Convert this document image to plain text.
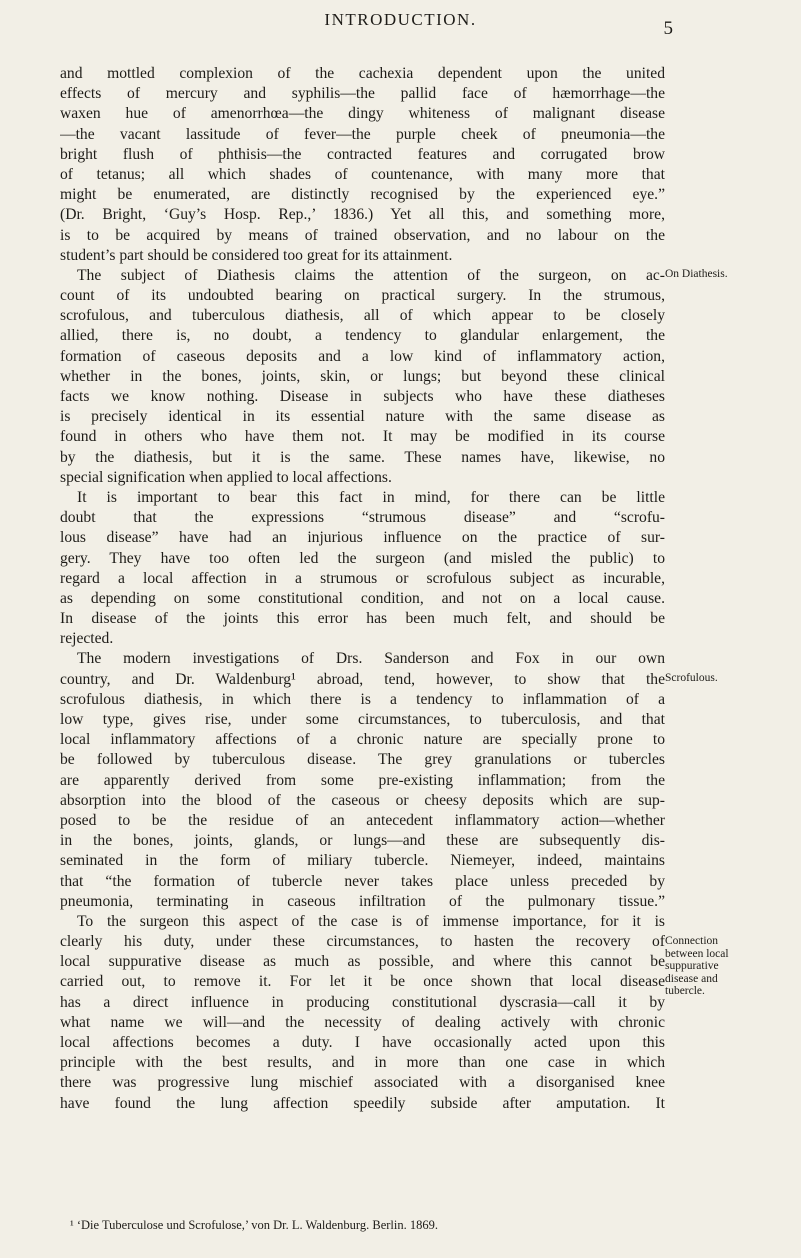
INTRODUCTION.	5
and mottled complexion of the cachexia dependent upon the united
effects of mercury and syphilis—the pallid face of hæmorrhage—the
waxen hue of amenorrhœa—the dingy whiteness of malignant disease
—the vacant lassitude of fever—the purple cheek of pneumonia—the
bright flush of phthisis—the contracted features and corrugated brow
of tetanus; all which shades of countenance, with many more that
might be enumerated, are distinctly recognised by the experienced eye.”
(Dr. Bright, ‘Guy’s Hosp. Rep.,’ 1836.) Yet all this, and something more,
is to be acquired by means of trained observation, and no labour on the
student’s part should be considered too great for its attainment.
The subject of Diathesis claims the attention of the surgeon, on ac-
count of its undoubted bearing on practical surgery. In the strumous,
scrofulous, and tuberculous diathesis, all of which appear to be closely
allied, there is, no doubt, a tendency to glandular enlargement, the
formation of caseous deposits and a low kind of inflammatory action,
whether in the bones, joints, skin, or lungs; but beyond these clinical
facts we know nothing. Disease in subjects who have these diatheses
is precisely identical in its essential nature with the same disease as
found in others who have them not. It may be modified in its course
by the diathesis, but it is the same. These names have, likewise, no
special signification when applied to local affections.
It is important to bear this fact in mind, for there can be little
doubt that the expressions “strumous disease” and “scrofu-
lous disease” have had an injurious influence on the practice of sur-
gery. They have too often led the surgeon (and misled the public) to
regard a local affection in a strumous or scrofulous subject as incurable,
as depending on some constitutional condition, and not on a local cause.
In disease of the joints this error has been much felt, and should be
rejected.
The modern investigations of Drs. Sanderson and Fox in our own
country, and Dr. Waldenburg¹ abroad, tend, however, to show that the
scrofulous diathesis, in which there is a tendency to inflammation of a
low type, gives rise, under some circumstances, to tuberculosis, and that
local inflammatory affections of a chronic nature are specially prone to
be followed by tuberculous disease. The grey granulations or tubercles
are apparently derived from some pre-existing inflammation; from the
absorption into the blood of the caseous or cheesy deposits which are sup-
posed to be the residue of an antecedent inflammatory action—whether
in the bones, joints, glands, or lungs—and these are subsequently dis-
seminated in the form of miliary tubercle. Niemeyer, indeed, maintains
that “the formation of tubercle never takes place unless preceded by
pneumonia, terminating in caseous infiltration of the pulmonary tissue.”
To the surgeon this aspect of the case is of immense importance, for it is
clearly his duty, under these circumstances, to hasten the recovery of
local suppurative disease as much as possible, and where this cannot be
carried out, to remove it. For let it be once shown that local disease
has a direct influence in producing constitutional dyscrasia—call it by
what name we will—and the necessity of dealing actively with chronic
local affections becomes a duty. I have occasionally acted upon this
principle with the best results, and in more than one case in which
there was progressive lung mischief associated with a disorganised knee
have found the lung affection speedily subside after amputation. It
On Diathesis.
Scrofulous.
Connection
between local
suppurative
disease and
tubercle.
¹ ‘Die Tuberculose und Scrofulose,’ von Dr. L. Waldenburg. Berlin. 1869.
